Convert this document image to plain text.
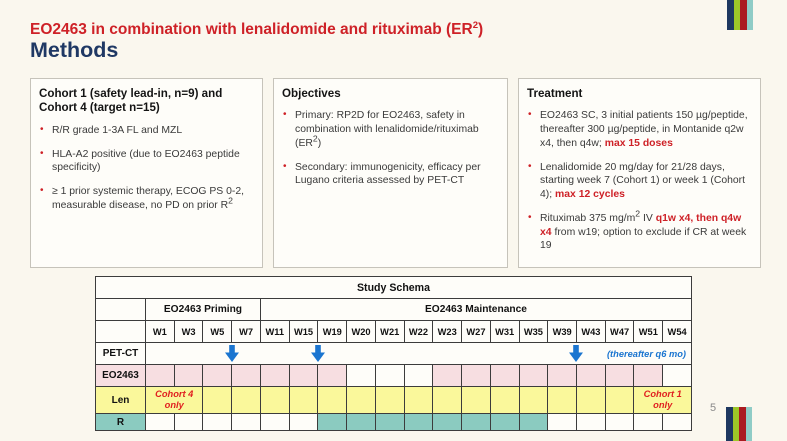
EO2463 in combination with lenalidomide and rituximab $(ER^2)$
Methods
Cohort 1 (safety lead-in, n=9) and Cohort 4 (target n=15)
• R/R grade 1-3A FL and MZL
• HLA-A2 positive (due to EO2463 peptide specificity)
• ≥ 1 prior systemic therapy, ECOG PS 0-2, measurable disease, no PD on prior $R^2$
Objectives
• Primary: RP2D for EO2463, safety in combination with lenalidomide/rituximab $(ER^2)$
• Secondary: immunogenicity, efficacy per Lugano criteria assessed by PET-CT
Treatment
• EO2463 SC, 3 initial patients 150 µg/peptide, thereafter 300 µg/peptide, in Montanide q2w x4, then q4w; max 15 doses
• Lenalidomide 20 mg/day for 21/28 days, starting week 7 (Cohort 1) or week 1 (Cohort 4); max 12 cycles
• Rituximab 375 $mg/m^2$ IV q1w x4, then q4w x4 from w19; option to exclude if CR at week 19
Study Schema																			
	EO2463 Priming				EO2463 Maintenance														
	W1	W3	W5	W7	W11	W15	W19	W20	W21	W22	W23	W27	W31	W35	W39	W43	W47	W51	W54
PET-CT	(thereafter q6 mo)																		

EO2463																			
Len	Cohort 4 only																	Cohort 1 only	

R																			
5
